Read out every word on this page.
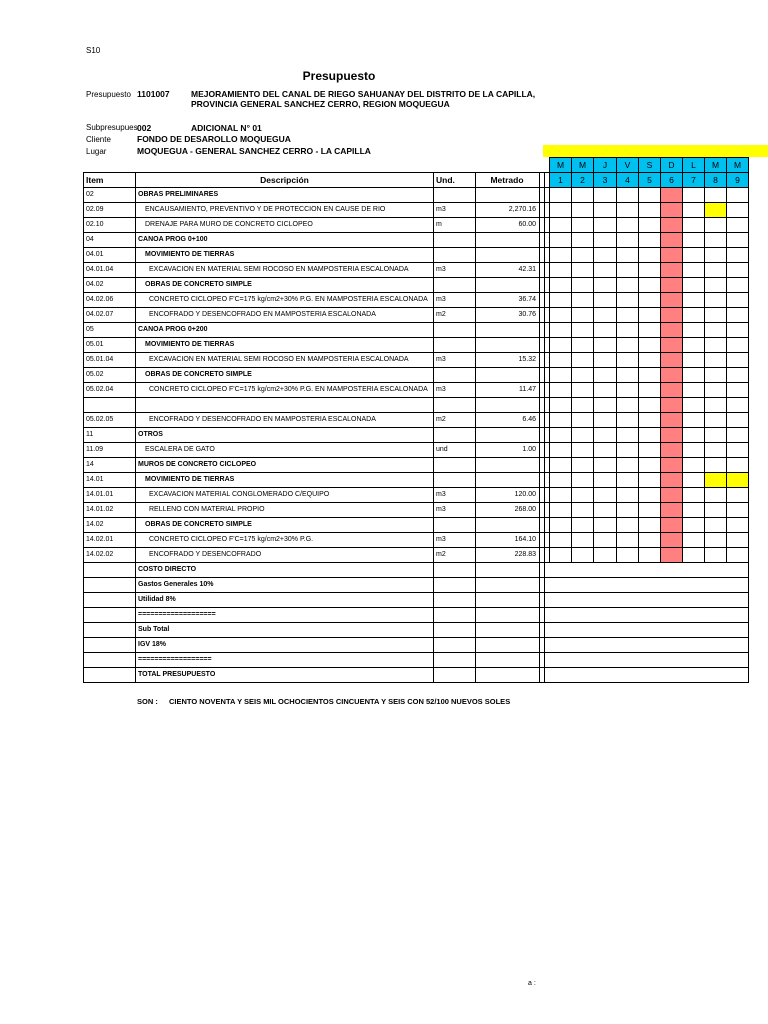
S10
Presupuesto
Presupuesto 1101007	MEJORAMIENTO DEL CANAL DE RIEGO SAHUANAY DEL DISTRITO DE LA CAPILLA,
PROVINCIA GENERAL SANCHEZ CERRO, REGION MOQUEGUA
Subpresupues 002	ADICIONAL N° 01
Cliente	FONDO DE DESAROLLO MOQUEGUA
Lugar	MOQUEGUA - GENERAL SANCHEZ CERRO - LA CAPILLA
						M	M	J	V	S	D	L	M	M
Item	Descripción	Und.	Metrado			1	2	3	4	5	6	7	8	9
02	OBRAS PRELIMINARES													
02.09	ENCAUSAMIENTO, PREVENTIVO Y DE PROTECCION EN CAUSE DE RIO	m3	2,270.16											
02.10	DRENAJE PARA MURO DE CONCRETO CICLOPEO	m	60.00											
04	CANOA PROG 0+100													
04.01	MOVIMIENTO DE TIERRAS													
04.01.04	EXCAVACION EN MATERIAL SEMI ROCOSO EN MAMPOSTERIA ESCALONADA	m3	42.31											
04.02	OBRAS DE CONCRETO SIMPLE													
04.02.06	CONCRETO CICLOPEO F'C=175 kg/cm2+30% P.G. EN MAMPOSTERIA ESCALONADA	m3	36.74											
04.02.07	ENCOFRADO Y DESENCOFRADO EN MAMPOSTERIA ESCALONADA	m2	30.76											
05	CANOA PROG 0+200													
05.01	MOVIMIENTO DE TIERRAS													
05.01.04	EXCAVACION EN MATERIAL SEMI ROCOSO EN MAMPOSTERIA ESCALONADA	m3	15.32											
05.02	OBRAS DE CONCRETO SIMPLE													
05.02.04	CONCRETO CICLOPEO F'C=175 kg/cm2+30% P.G. EN MAMPOSTERIA ESCALONADA	m3	11.47											

05.02.05	ENCOFRADO Y DESENCOFRADO EN MAMPOSTERIA ESCALONADA	m2	6.46											
11	OTROS													
11.09	ESCALERA DE GATO	und	1.00											
14	MUROS DE CONCRETO CICLOPEO													
14.01	MOVIMIENTO DE TIERRAS													
14.01.01	EXCAVACION MATERIAL CONGLOMERADO C/EQUIPO	m3	120.00											
14.01.02	RELLENO CON MATERIAL PROPIO	m3	268.00											
14.02	OBRAS DE CONCRETO SIMPLE													
14.02.01	CONCRETO CICLOPEO F'C=175 kg/cm2+30% P.G.	m3	164.10											
14.02.02	ENCOFRADO Y DESENCOFRADO	m2	228.83											
	COSTO DIRECTO													
	Gastos Generales 10%													
	Utilidad 8%													
	===================													
	Sub Total													
	IGV 18%													
	==================													
	TOTAL PRESUPUESTO													
SON : CIENTO NOVENTA Y SEIS MIL OCHOCIENTOS CINCUENTA Y SEIS CON 52/100 NUEVOS SOLES
a :
